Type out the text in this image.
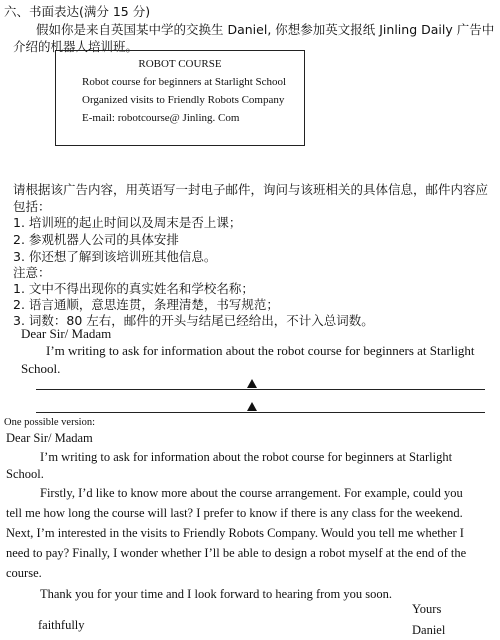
六、书面表达(满分 15 分)
假如你是来自英国某中学的交换生 Daniel, 你想参加英文报纸 Jinling Daily 广告中
介绍的机器人培训班。
ROBOT COURSE
Robot course for beginners at Starlight School
Organized visits to Friendly Robots Company
E-mail: robotcourse@ Jinling. Com
请根据该广告内容，用英语写一封电子邮件，询问与该班相关的具体信息，邮件内容应
包括：
1. 培训班的起止时间以及周末是否上课；
2. 参观机器人公司的具体安排
3. 你还想了解到该培训班其他信息。
注意：
1. 文中不得出现你的真实姓名和学校名称；
2. 语言通顺，意思连贯，条理清楚，书写规范；
3. 词数：80 左右，邮件的开头与结尾已经给出，不计入总词数。
Dear Sir/ Madam
I’m writing to ask for information about the robot course for beginners at Starlight
School.
One possible version:
Dear Sir/ Madam
I’m writing to ask for information about the robot course for beginners at Starlight
School.
Firstly, I’d like to know more about the course arrangement. For example, could you
tell me how long the course will last? I prefer to know if there is any class for the weekend.
Next, I’m interested in the visits to Friendly Robots Company. Would you tell me whether I
need to pay? Finally, I wonder whether I’ll be able to design a robot myself at the end of the
course.
Thank you for your time and I look forward to hearing from you soon.
Yours
faithfully	Daniel
